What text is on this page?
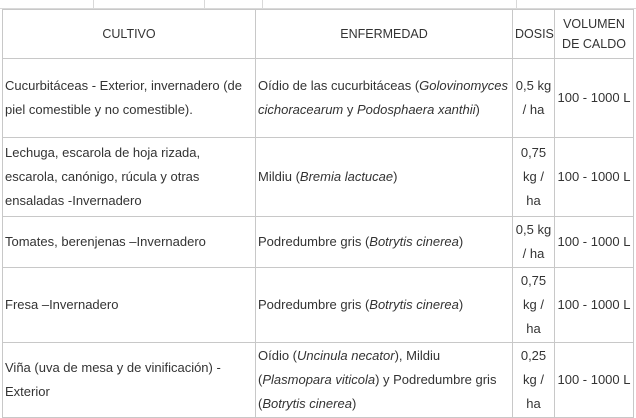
CULTIVO	ENFERMEDAD	DOSIS	VOLUMEN
DE CALDO
Cucurbitáceas - Exterior, invernadero (de piel comestible y no comestible).	Oídio de las cucurbitáceas (Golovinomyces cichoracearum y Podosphaera xanthii)	0,5 kg / ha	100 - 1000 L
Lechuga, escarola de hoja rizada, escarola, canónigo, rúcula y otras ensaladas -Invernadero	Mildiu (Bremia lactucae)	0,75 kg / ha	100 - 1000 L
Tomates, berenjenas –Invernadero	Podredumbre gris (Botrytis cinerea)	0,5 kg / ha	100 - 1000 L
Fresa –Invernadero	Podredumbre gris (Botrytis cinerea)	0,75 kg / ha	100 - 1000 L
Viña (uva de mesa y de vinificación) -Exterior	Oídio (Uncinula necator), Mildiu (Plasmopara viticola) y Podredumbre gris (Botrytis cinerea)	0,25 kg / ha	100 - 1000 L
